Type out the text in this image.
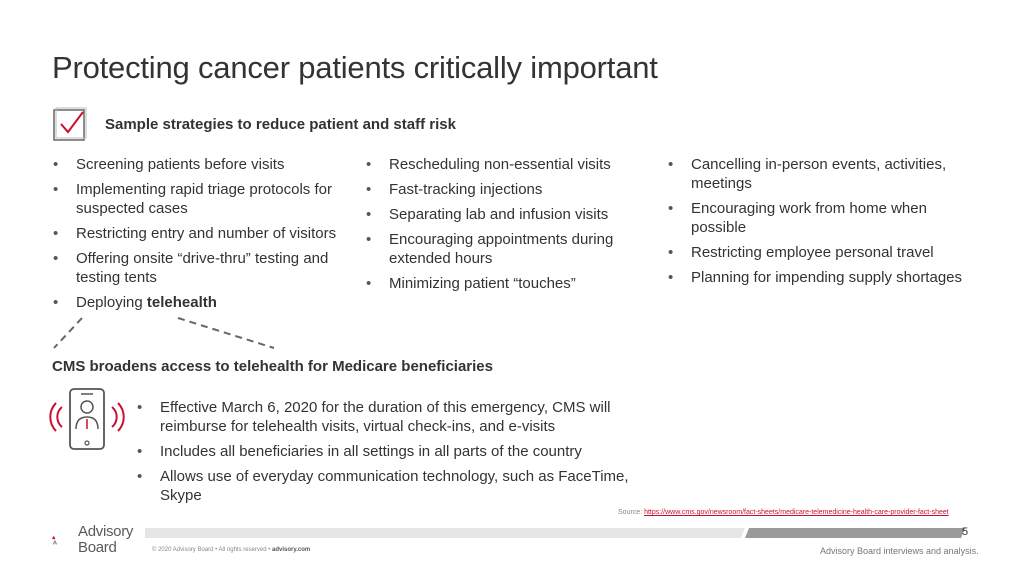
Protecting cancer patients critically important
Sample strategies to reduce patient and staff risk
• Screening patients before visits
• Implementing rapid triage protocols for suspected cases
• Restricting entry and number of visitors
• Offering onsite “drive-thru” testing and testing tents
• Deploying telehealth
• Rescheduling non-essential visits
• Fast-tracking injections
• Separating lab and infusion visits
• Encouraging appointments during extended hours
• Minimizing patient “touches”
• Cancelling in-person events, activities, meetings
• Encouraging work from home when possible
• Restricting employee personal travel
• Planning for impending supply shortages
CMS broadens access to telehealth for Medicare beneficiaries
• Effective March 6, 2020 for the duration of this emergency, CMS will reimburse for telehealth visits, virtual check-ins, and e-visits
• Includes all beneficiaries in all settings in all parts of the country
• Allows use of everyday communication technology, such as FaceTime, Skype
Source: https://www.cms.gov/newsroom/fact-sheets/medicare-telemedicine-health-care-provider-fact-sheet
5
Advisory
Board	© 2020 Advisory Board • All rights reserved • advisory.com	Advisory Board interviews and analysis.
